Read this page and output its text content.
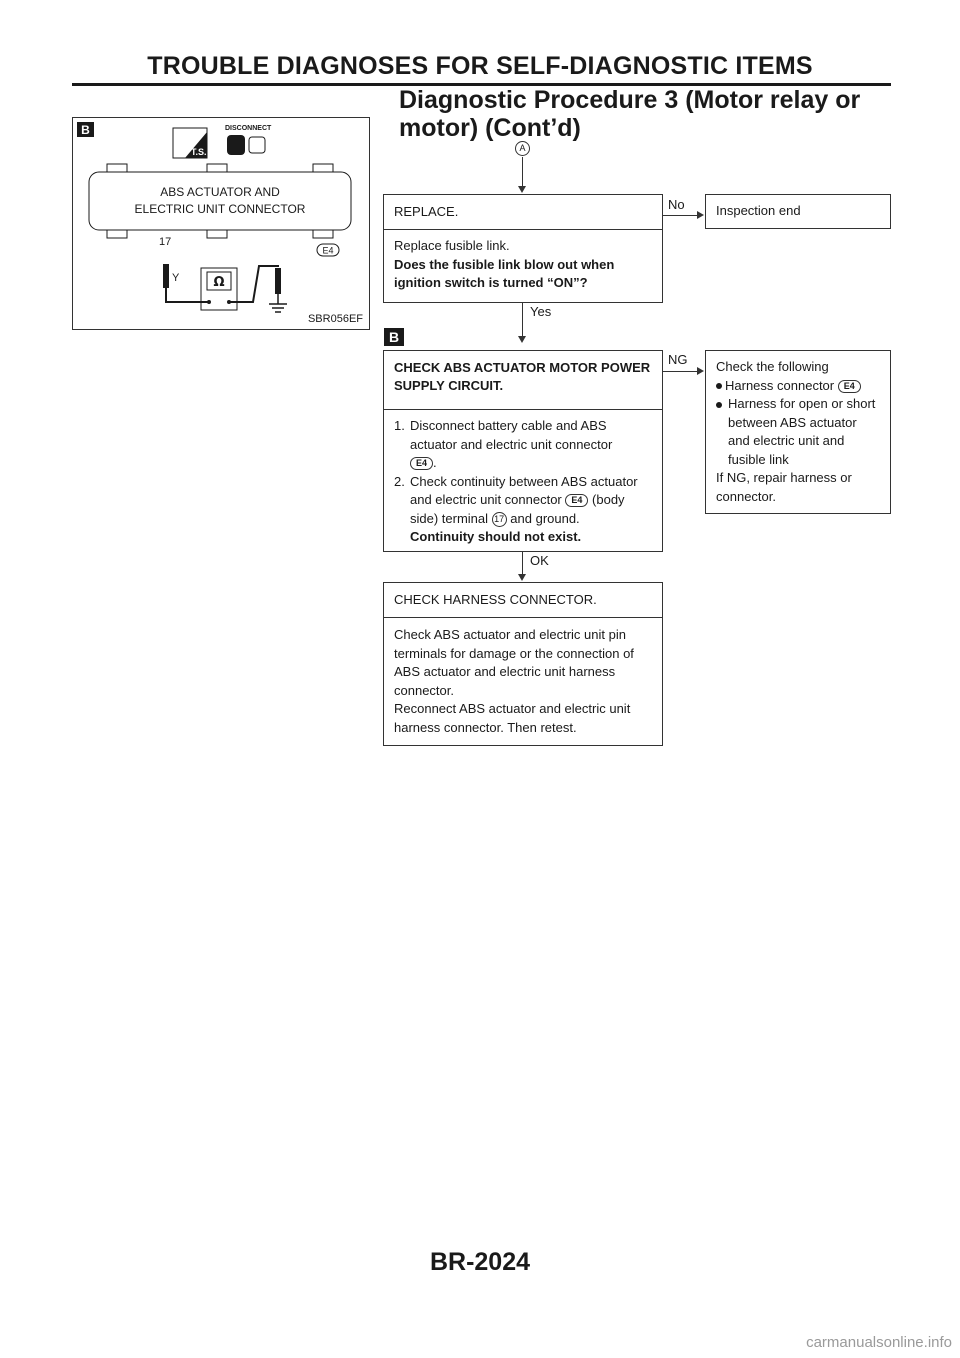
TROUBLE DIAGNOSES FOR SELF-DIAGNOSTIC ITEMS
Diagnostic Procedure 3 (Motor relay or
motor) (Cont’d)
B
T.S.
DISCONNECT
ABS ACTUATOR AND
ELECTRIC UNIT CONNECTOR
17
E4
Y	Ω
SBR056EF
A
REPLACE.
Replace fusible link.
Does the fusible link blow out when ignition switch is turned “ON”?
No	Inspection end
Yes
B
CHECK ABS ACTUATOR MOTOR POWER SUPPLY CIRCUIT.
1. Disconnect battery cable and ABS actuator and electric unit connector
E4 .
2. Check continuity between ABS actuator and electric unit connector E4 (body side) terminal 17 and ground.
Continuity should not exist.
NG Check the following
Harness connector E4
Harness for open or short between ABS actuator and electric unit and fusible link
If NG, repair harness or connector.
OK
CHECK HARNESS CONNECTOR.
Check ABS actuator and electric unit pin terminals for damage or the connection of ABS actuator and electric unit harness connector.
Reconnect ABS actuator and electric unit harness connector. Then retest.
BR-2024
carmanualsonline.info
